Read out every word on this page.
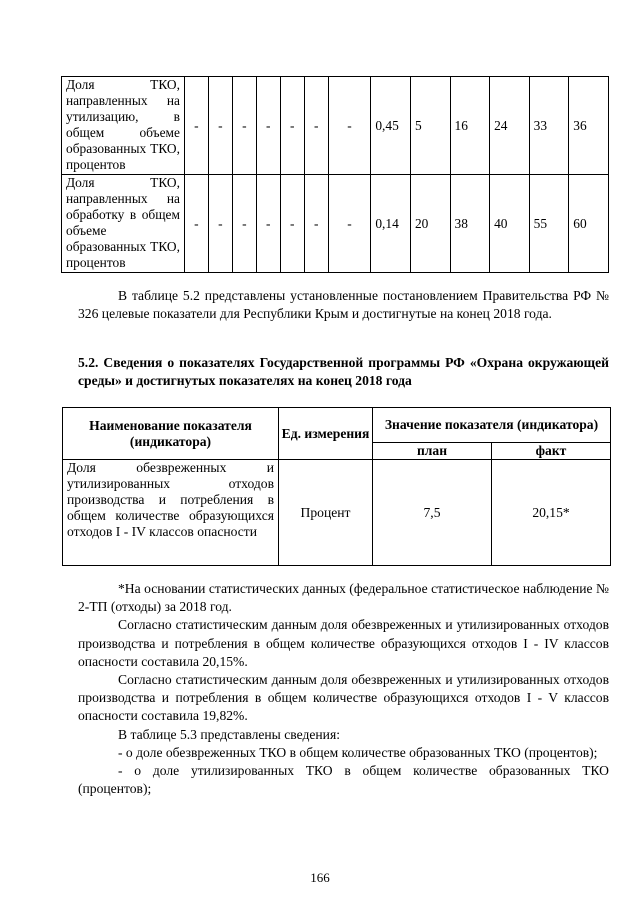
Доля ТКО, направленных на утилизацию, в общем объеме образованных ТКО, процентов	-	-	-	-	-	-	-	0,45	5	16	24	33	36
Доля ТКО, направленных на обработку в общем объеме образованных ТКО, процентов	-	-	-	-	-	-	-	0,14	20	38	40	55	60

В таблице 5.2 представлены установленные постановлением Правительства РФ № 326 целевые показатели для Республики Крым и достигнутые на конец 2018 года.

5.2. Сведения о показателях Государственной программы РФ «Охрана окружающей среды» и достигнутых показателях на конец 2018 года

Наименование показателя (индикатора)	Ед. измерения	Значение показателя (индикатора)	
		план	факт
Доля обезвреженных и утилизированных отходов производства и потребления в общем количестве образующихся отходов I - IV классов опасности	Процент	7,5	20,15*

*На основании статистических данных (федеральное статистическое наблюдение № 2-ТП (отходы) за 2018 год.

Согласно статистическим данным доля обезвреженных и утилизированных отходов производства и потребления в общем количестве образующихся отходов I - IV классов опасности составила 20,15%.

Согласно статистическим данным доля обезвреженных и утилизированных отходов производства и потребления в общем количестве образующихся отходов I - V классов опасности составила 19,82%.

В таблице 5.3 представлены сведения:

- о доле обезвреженных ТКО в общем количестве образованных ТКО (процентов);

- о доле утилизированных ТКО в общем количестве образованных ТКО (процентов);

166
